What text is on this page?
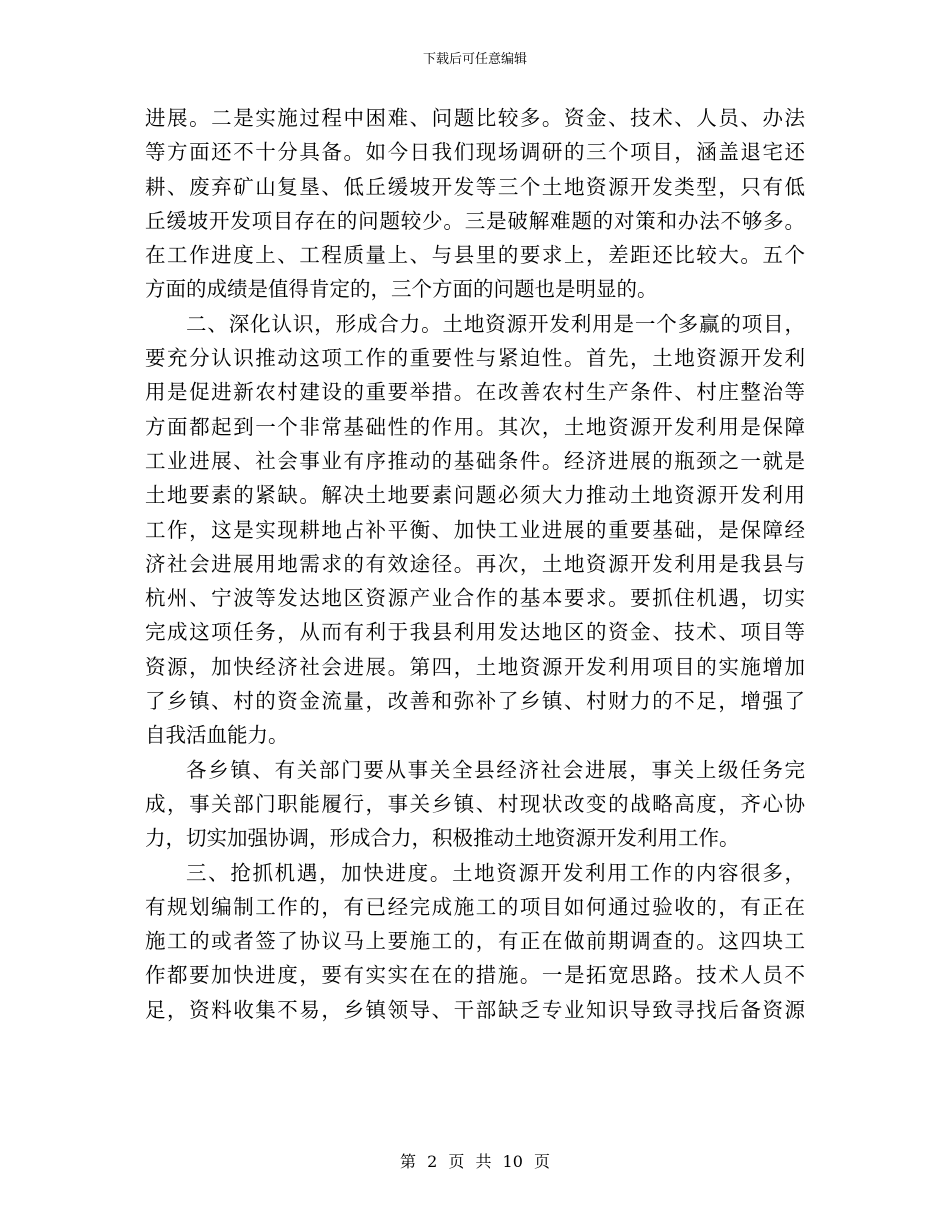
下载后可任意编辑
进展。二是实施过程中困难、问题比较多。资金、技术、人员、办法
等方面还不十分具备。如今日我们现场调研的三个项目，涵盖退宅还
耕、废弃矿山复垦、低丘缓坡开发等三个土地资源开发类型，只有低
丘缓坡开发项目存在的问题较少。三是破解难题的对策和办法不够多。
在工作进度上、工程质量上、与县里的要求上，差距还比较大。五个
方面的成绩是值得肯定的，三个方面的问题也是明显的。
二、深化认识，形成合力。土地资源开发利用是一个多赢的项目，
要充分认识推动这项工作的重要性与紧迫性。首先，土地资源开发利
用是促进新农村建设的重要举措。在改善农村生产条件、村庄整治等
方面都起到一个非常基础性的作用。其次，土地资源开发利用是保障
工业进展、社会事业有序推动的基础条件。经济进展的瓶颈之一就是
土地要素的紧缺。解决土地要素问题必须大力推动土地资源开发利用
工作，这是实现耕地占补平衡、加快工业进展的重要基础，是保障经
济社会进展用地需求的有效途径。再次，土地资源开发利用是我县与
杭州、宁波等发达地区资源产业合作的基本要求。要抓住机遇，切实
完成这项任务，从而有利于我县利用发达地区的资金、技术、项目等
资源，加快经济社会进展。第四，土地资源开发利用项目的实施增加
了乡镇、村的资金流量，改善和弥补了乡镇、村财力的不足，增强了
自我活血能力。
各乡镇、有关部门要从事关全县经济社会进展，事关上级任务完
成，事关部门职能履行，事关乡镇、村现状改变的战略高度，齐心协
力，切实加强协调，形成合力，积极推动土地资源开发利用工作。
三、抢抓机遇，加快进度。土地资源开发利用工作的内容很多，
有规划编制工作的，有已经完成施工的项目如何通过验收的，有正在
施工的或者签了协议马上要施工的，有正在做前期调查的。这四块工
作都要加快进度，要有实实在在的措施。一是拓宽思路。技术人员不
足，资料收集不易，乡镇领导、干部缺乏专业知识导致寻找后备资源
第 2 页 共 10 页
